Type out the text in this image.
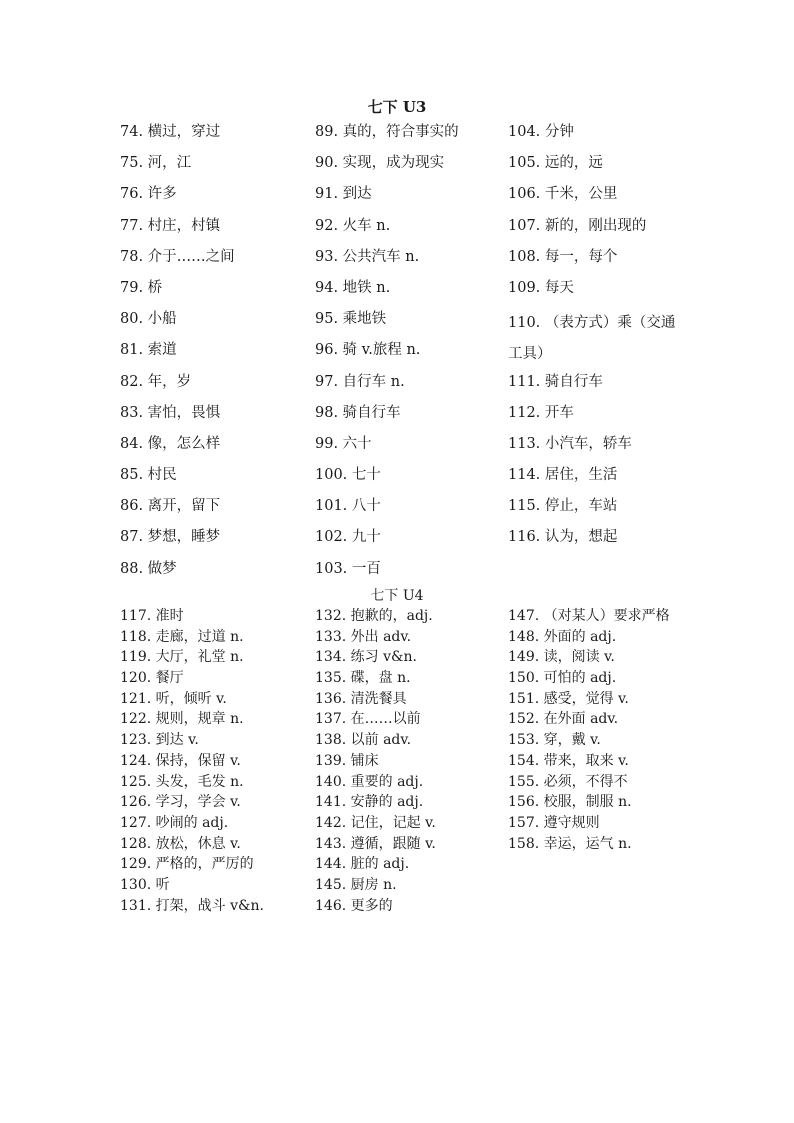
七下 U3
74. 横过，穿过
75. 河，江
76. 许多
77. 村庄，村镇
78. 介于……之间
79. 桥
80. 小船
81. 索道
82. 年，岁
83. 害怕，畏惧
84. 像，怎么样
85. 村民
86. 离开，留下
87. 梦想，睡梦
88. 做梦
89. 真的，符合事实的
90. 实现，成为现实
91. 到达
92. 火车 n.
93. 公共汽车 n.
94. 地铁 n.
95. 乘地铁
96. 骑 v.旅程 n.
97. 自行车 n.
98. 骑自行车
99. 六十
100. 七十
101. 八十
102. 九十
103. 一百
104. 分钟
105. 远的，远
106. 千米，公里
107. 新的，刚出现的
108. 每一，每个
109. 每天
110. （表方式）乘（交通工具）
111. 骑自行车
112. 开车
113. 小汽车，轿车
114. 居住，生活
115. 停止，车站
116. 认为，想起
七下 U4
117. 准时
118. 走廊，过道 n.
119. 大厅，礼堂 n.
120. 餐厅
121. 听，倾听 v.
122. 规则，规章 n.
123. 到达 v.
124. 保持，保留 v.
125. 头发，毛发 n.
126. 学习，学会 v.
127. 吵闹的 adj.
128. 放松，休息 v.
129. 严格的，严厉的
130. 听
131. 打架，战斗 v&n.
132. 抱歉的，adj.
133. 外出 adv.
134. 练习 v&n.
135. 碟，盘 n.
136. 清洗餐具
137. 在……以前
138. 以前 adv.
139. 铺床
140. 重要的 adj.
141. 安静的 adj.
142. 记住，记起 v.
143. 遵循，跟随 v.
144. 脏的 adj.
145. 厨房 n.
146. 更多的
147. （对某人）要求严格
148. 外面的 adj.
149. 读，阅读 v.
150. 可怕的 adj.
151. 感受，觉得 v.
152. 在外面 adv.
153. 穿，戴 v.
154. 带来，取来 v.
155. 必须，不得不
156. 校服，制服 n.
157. 遵守规则
158. 幸运，运气 n.
